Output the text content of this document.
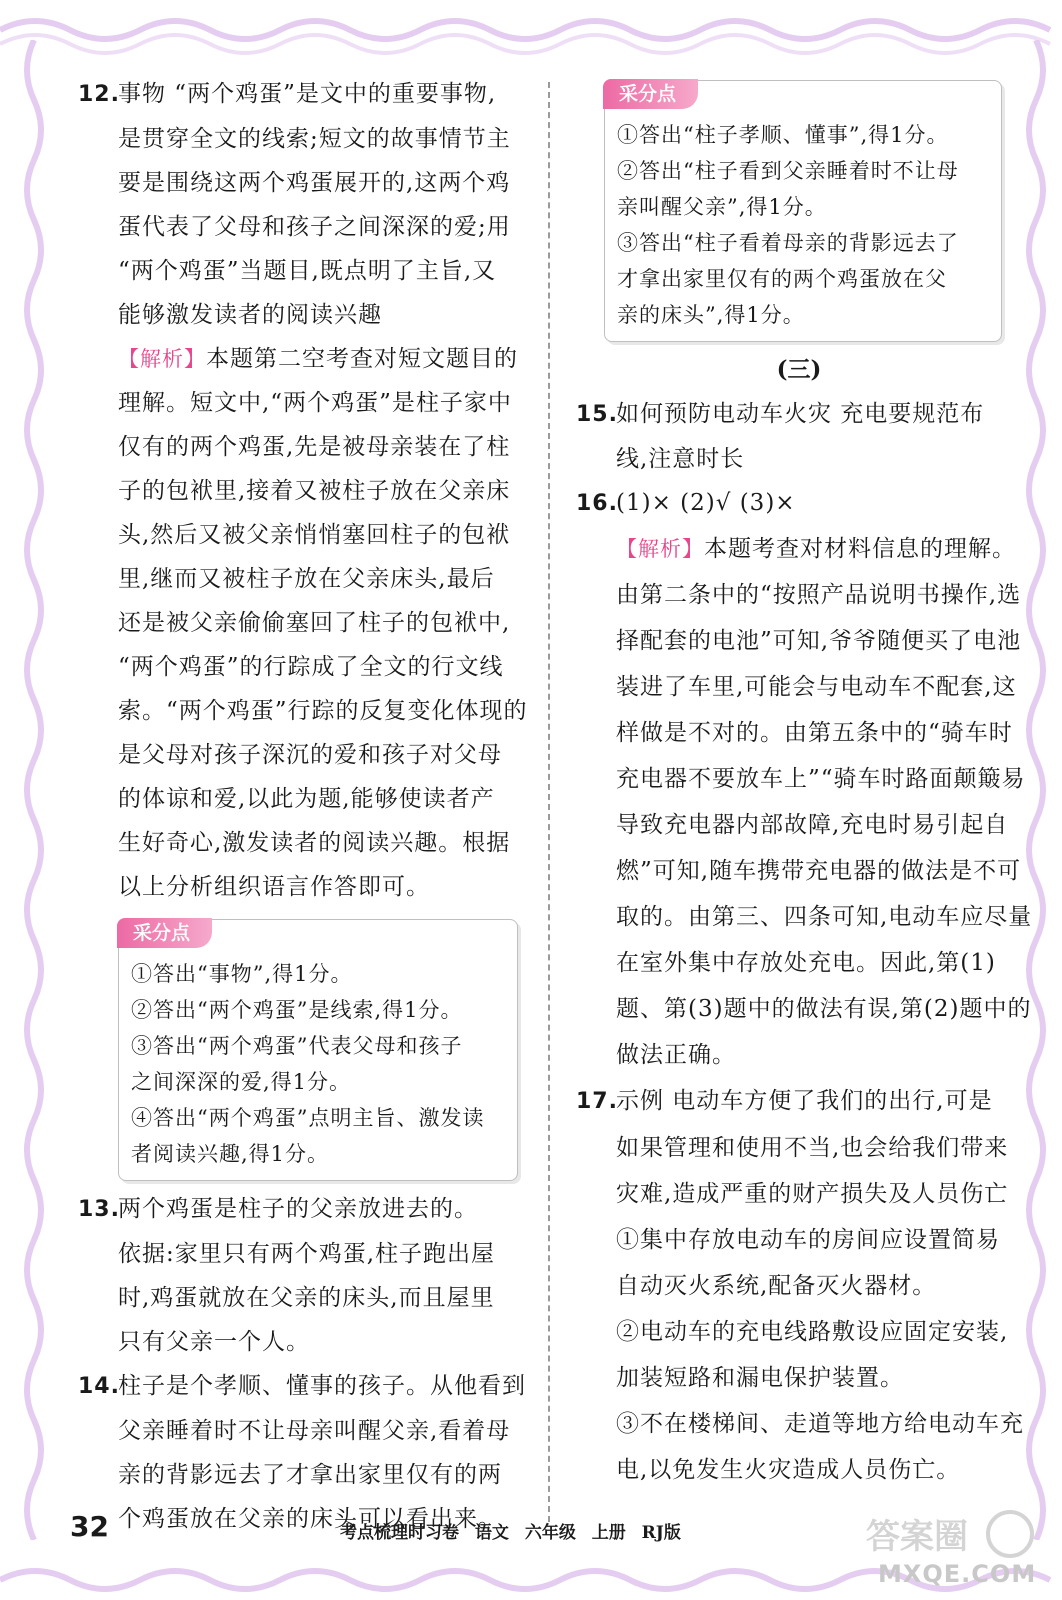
12.事物 “两个鸡蛋”是文中的重要事物,
是贯穿全文的线索;短文的故事情节主
要是围绕这两个鸡蛋展开的,这两个鸡
蛋代表了父母和孩子之间深深的爱;用
“两个鸡蛋”当题目,既点明了主旨,又
能够激发读者的阅读兴趣
【解析】本题第二空考查对短文题目的
理解。短文中,“两个鸡蛋”是柱子家中
仅有的两个鸡蛋,先是被母亲装在了柱
子的包袱里,接着又被柱子放在父亲床
头,然后又被父亲悄悄塞回柱子的包袱
里,继而又被柱子放在父亲床头,最后
还是被父亲偷偷塞回了柱子的包袱中,
“两个鸡蛋”的行踪成了全文的行文线
索。“两个鸡蛋”行踪的反复变化体现的
是父母对孩子深沉的爱和孩子对父母
的体谅和爱,以此为题,能够使读者产
生好奇心,激发读者的阅读兴趣。根据
以上分析组织语言作答即可。
采分点
①答出“事物”,得1分。
②答出“两个鸡蛋”是线索,得1分。
③答出“两个鸡蛋”代表父母和孩子
之间深深的爱,得1分。
④答出“两个鸡蛋”点明主旨、激发读
者阅读兴趣,得1分。
13.两个鸡蛋是柱子的父亲放进去的。
依据:家里只有两个鸡蛋,柱子跑出屋
时,鸡蛋就放在父亲的床头,而且屋里
只有父亲一个人。
14.柱子是个孝顺、懂事的孩子。从他看到
父亲睡着时不让母亲叫醒父亲,看着母
亲的背影远去了才拿出家里仅有的两
个鸡蛋放在父亲的床头可以看出来。
采分点
①答出“柱子孝顺、懂事”,得1分。
②答出“柱子看到父亲睡着时不让母
亲叫醒父亲”,得1分。
③答出“柱子看着母亲的背影远去了
才拿出家里仅有的两个鸡蛋放在父
亲的床头”,得1分。
(三)
15.如何预防电动车火灾 充电要规范布
线,注意时长
16.(1)× (2)√ (3)×
【解析】本题考查对材料信息的理解。
由第二条中的“按照产品说明书操作,选
择配套的电池”可知,爷爷随便买了电池
装进了车里,可能会与电动车不配套,这
样做是不对的。由第五条中的“骑车时
充电器不要放车上”“骑车时路面颠簸易
导致充电器内部故障,充电时易引起自
燃”可知,随车携带充电器的做法是不可
取的。由第三、四条可知,电动车应尽量
在室外集中存放处充电。因此,第(1)
题、第(3)题中的做法有误,第(2)题中的
做法正确。
17.示例 电动车方便了我们的出行,可是
如果管理和使用不当,也会给我们带来
灾难,造成严重的财产损失及人员伤亡
①集中存放电动车的房间应设置简易
自动灭火系统,配备灭火器材。
②电动车的充电线路敷设应固定安装,
加装短路和漏电保护装置。
③不在楼梯间、走道等地方给电动车充
电,以免发生火灾造成人员伤亡。
32	考点梳理时习卷 语文 六年级 上册 RJ版	答案圈
MXQE.COM
